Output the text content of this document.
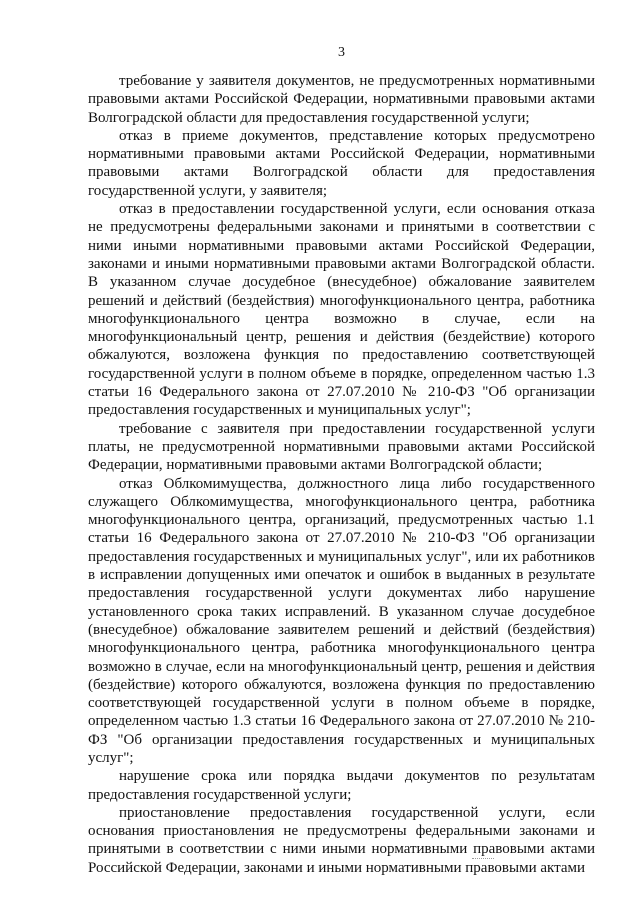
3

требование у заявителя документов, не предусмотренных нормативными правовыми актами Российской Федерации, нормативными правовыми актами Волгоградской области для предоставления государственной услуги;

отказ в приеме документов, представление которых предусмотрено нормативными правовыми актами Российской Федерации, нормативными правовыми актами Волгоградской области для предоставления государственной услуги, у заявителя;

отказ в предоставлении государственной услуги, если основания отказа не предусмотрены федеральными законами и принятыми в соответствии с ними иными нормативными правовыми актами Российской Федерации, законами и иными нормативными правовыми актами Волгоградской области. В указанном случае досудебное (внесудебное) обжалование заявителем решений и действий (бездействия) многофункционального центра, работника многофункционального центра возможно в случае, если на многофункциональный центр, решения и действия (бездействие) которого обжалуются, возложена функция по предоставлению соответствующей государственной услуги в полном объеме в порядке, определенном частью 1.3 статьи 16 Федерального закона от 27.07.2010 № 210-ФЗ "Об организации предоставления государственных и муниципальных услуг";

требование с заявителя при предоставлении государственной услуги платы, не предусмотренной нормативными правовыми актами Российской Федерации, нормативными правовыми актами Волгоградской области;

отказ Облкомимущества, должностного лица либо государственного служащего Облкомимущества, многофункционального центра, работника многофункционального центра, организаций, предусмотренных частью 1.1 статьи 16 Федерального закона от 27.07.2010 № 210-ФЗ "Об организации предоставления государственных и муниципальных услуг", или их работников в исправлении допущенных ими опечаток и ошибок в выданных в результате предоставления государственной услуги документах либо нарушение установленного срока таких исправлений. В указанном случае досудебное (внесудебное) обжалование заявителем решений и действий (бездействия) многофункционального центра, работника многофункционального центра возможно в случае, если на многофункциональный центр, решения и действия (бездействие) которого обжалуются, возложена функция по предоставлению соответствующей государственной услуги в полном объеме в порядке, определенном частью 1.3 статьи 16 Федерального закона от 27.07.2010 № 210-ФЗ "Об организации предоставления государственных и муниципальных услуг";

нарушение срока или порядка выдачи документов по результатам предоставления государственной услуги;

приостановление предоставления государственной услуги, если основания приостановления не предусмотрены федеральными законами и принятыми в соответствии с ними иными нормативными правовыми актами Российской Федерации, законами и иными нормативными правовыми актами
